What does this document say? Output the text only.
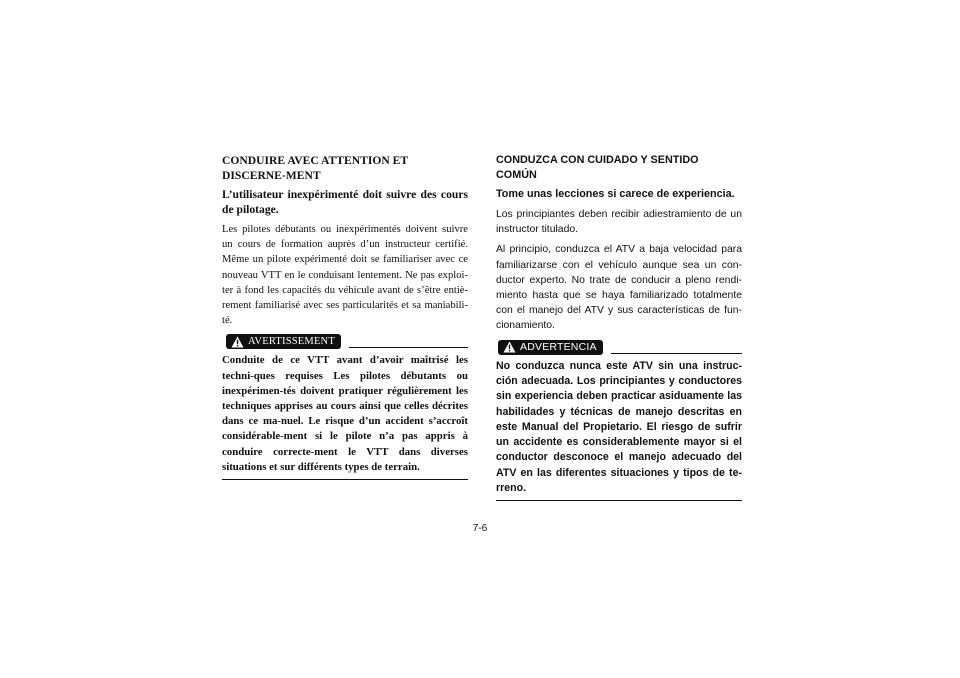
CONDUIRE AVEC ATTENTION ET DISCERNE-MENT
L’utilisateur inexpérimenté doit suivre des cours de pilotage.
Les pilotes débutants ou inexpérimentés doivent suivre un cours de formation auprès d’un instructeur certifié. Même un pilote expérimenté doit se familiariser avec ce nouveau VTT en le conduisant lentement. Ne pas exploi-ter à fond les capacités du véhicule avant de s’être entiè-rement familiarisé avec ses particularités et sa maniabili-té.
AVERTISSEMENT
Conduite de ce VTT avant d’avoir maîtrisé les techni-ques requises Les pilotes débutants ou inexpérimen-tés doivent pratiquer régulièrement les techniques apprises au cours ainsi que celles décrites dans ce ma-nuel. Le risque d’un accident s’accroît considérable-ment si le pilote n’a pas appris à conduire correcte-ment le VTT dans diverses situations et sur différents types de terrain.
CONDUZCA CON CUIDADO Y SENTIDO COMÚN
Tome unas lecciones si carece de experiencia.
Los principiantes deben recibir adiestramiento de un instructor titulado.
Al principio, conduzca el ATV a baja velocidad para familiarizarse con el vehículo aunque sea un con-ductor experto. No trate de conducir a pleno rendi-miento hasta que se haya familiarizado totalmente con el manejo del ATV y sus características de fun-cionamiento.
ADVERTENCIA
No conduzca nunca este ATV sin una instruc-ción adecuada. Los principiantes y conductores sin experiencia deben practicar asiduamente las habilidades y técnicas de manejo descritas en este Manual del Propietario. El riesgo de sufrir un accidente es considerablemente mayor si el conductor desconoce el manejo adecuado del ATV en las diferentes situaciones y tipos de te-rreno.
7-6
